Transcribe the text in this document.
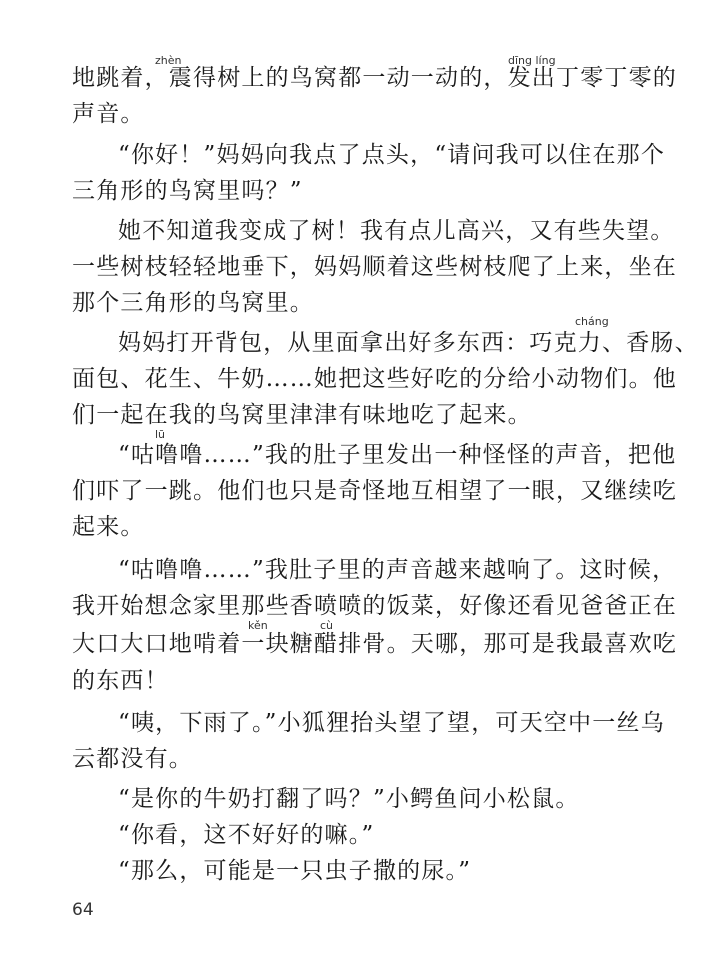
zhèn	dīng líng
cháng
lū
kěn	cù
地跳着，震得树上的鸟窝都一动一动的，发出丁零丁零的
声音。
“你好！”妈妈向我点了点头，“请问我可以住在那个
三角形的鸟窝里吗？”
她不知道我变成了树！我有点儿高兴，又有些失望。
一些树枝轻轻地垂下，妈妈顺着这些树枝爬了上来，坐在
那个三角形的鸟窝里。
妈妈打开背包，从里面拿出好多东西：巧克力、香肠、
面包、花生、牛奶……她把这些好吃的分给小动物们。他
们一起在我的鸟窝里津津有味地吃了起来。
“咕噜噜……”我的肚子里发出一种怪怪的声音，把他
们吓了一跳。他们也只是奇怪地互相望了一眼，又继续吃
起来。
“咕噜噜……”我肚子里的声音越来越响了。这时候，
我开始想念家里那些香喷喷的饭菜，好像还看见爸爸正在
大口大口地啃着一块糖醋排骨。天哪，那可是我最喜欢吃
的东西！
“咦，下雨了。”小狐狸抬头望了望，可天空中一丝乌
云都没有。
“是你的牛奶打翻了吗？”小鳄鱼问小松鼠。
“你看，这不好好的嘛。”
“那么，可能是一只虫子撒的尿。”
64
